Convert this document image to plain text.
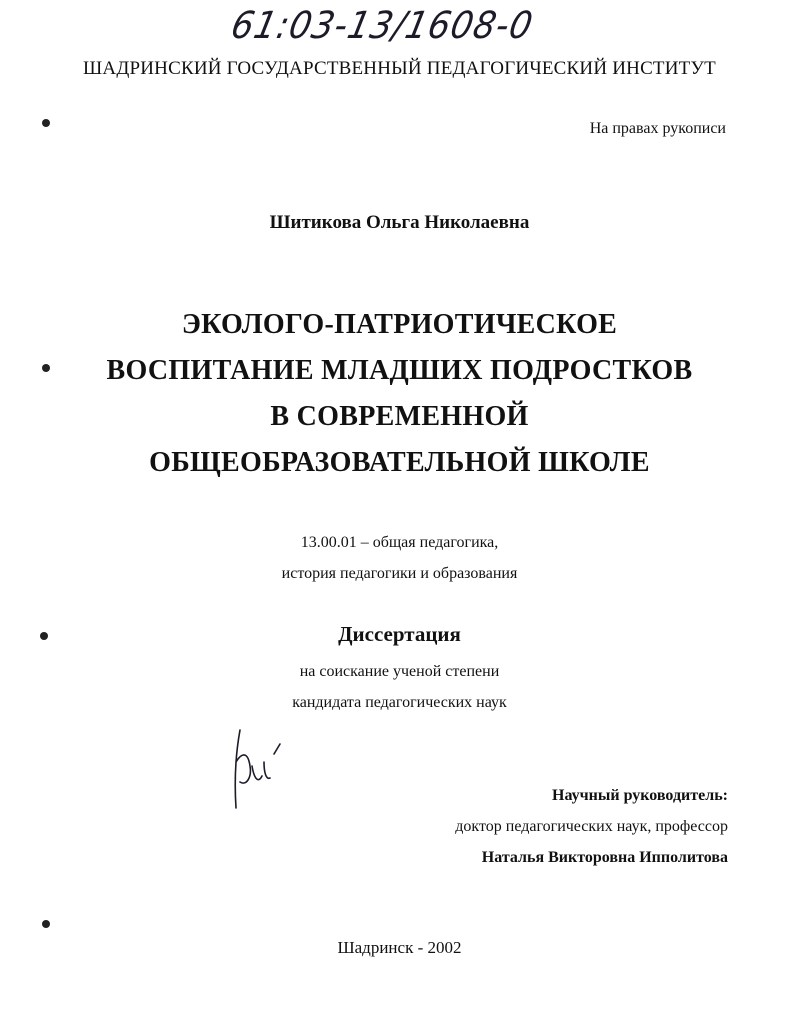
61:03-13/1608-0
ШАДРИНСКИЙ ГОСУДАРСТВЕННЫЙ ПЕДАГОГИЧЕСКИЙ ИНСТИТУТ
На правах рукописи
Шитикова Ольга Николаевна
ЭКОЛОГО-ПАТРИОТИЧЕСКОЕ
ВОСПИТАНИЕ МЛАДШИХ ПОДРОСТКОВ
В СОВРЕМЕННОЙ
ОБЩЕОБРАЗОВАТЕЛЬНОЙ ШКОЛЕ
13.00.01 – общая педагогика,
история педагогики и образования
Диссертация
на соискание ученой степени
кандидата педагогических наук
Научный руководитель:
доктор педагогических наук, профессор
Наталья Викторовна Ипполитова
Шадринск - 2002
